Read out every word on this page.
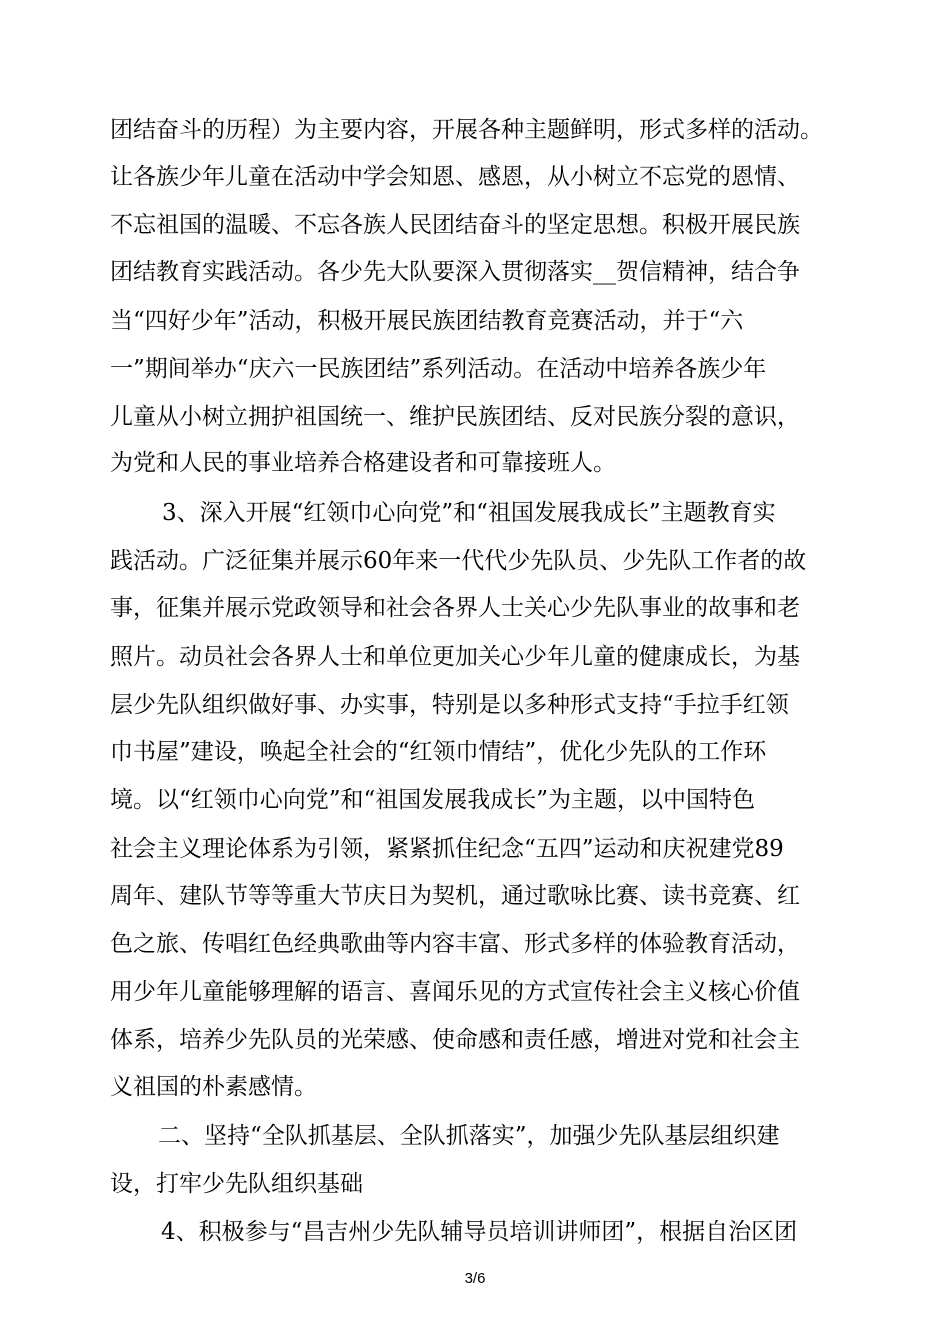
团结奋斗的历程）为主要内容，开展各种主题鲜明，形式多样的活动。
让各族少年儿童在活动中学会知恩、感恩，从小树立不忘党的恩情、
不忘祖国的温暖、不忘各族人民团结奋斗的坚定思想。积极开展民族
团结教育实践活动。各少先大队要深入贯彻落实__贺信精神，结合争
当“四好少年”活动，积极开展民族团结教育竞赛活动，并于“六
一”期间举办“庆六一民族团结”系列活动。在活动中培养各族少年
儿童从小树立拥护祖国统一、维护民族团结、反对民族分裂的意识，
为党和人民的事业培养合格建设者和可靠接班人。
3、深入开展“红领巾心向党”和“祖国发展我成长”主题教育实
践活动。广泛征集并展示60年来一代代少先队员、少先队工作者的故
事，征集并展示党政领导和社会各界人士关心少先队事业的故事和老
照片。动员社会各界人士和单位更加关心少年儿童的健康成长，为基
层少先队组织做好事、办实事，特别是以多种形式支持“手拉手红领
巾书屋”建设，唤起全社会的“红领巾情结”，优化少先队的工作环
境。以“红领巾心向党”和“祖国发展我成长”为主题，以中国特色
社会主义理论体系为引领，紧紧抓住纪念“五四”运动和庆祝建党89
周年、建队节等等重大节庆日为契机，通过歌咏比赛、读书竞赛、红
色之旅、传唱红色经典歌曲等内容丰富、形式多样的体验教育活动，
用少年儿童能够理解的语言、喜闻乐见的方式宣传社会主义核心价值
体系，培养少先队员的光荣感、使命感和责任感，增进对党和社会主
义祖国的朴素感情。
二、坚持“全队抓基层、全队抓落实”，加强少先队基层组织建
设，打牢少先队组织基础
4、积极参与“昌吉州少先队辅导员培训讲师团”，根据自治区团
3/6
